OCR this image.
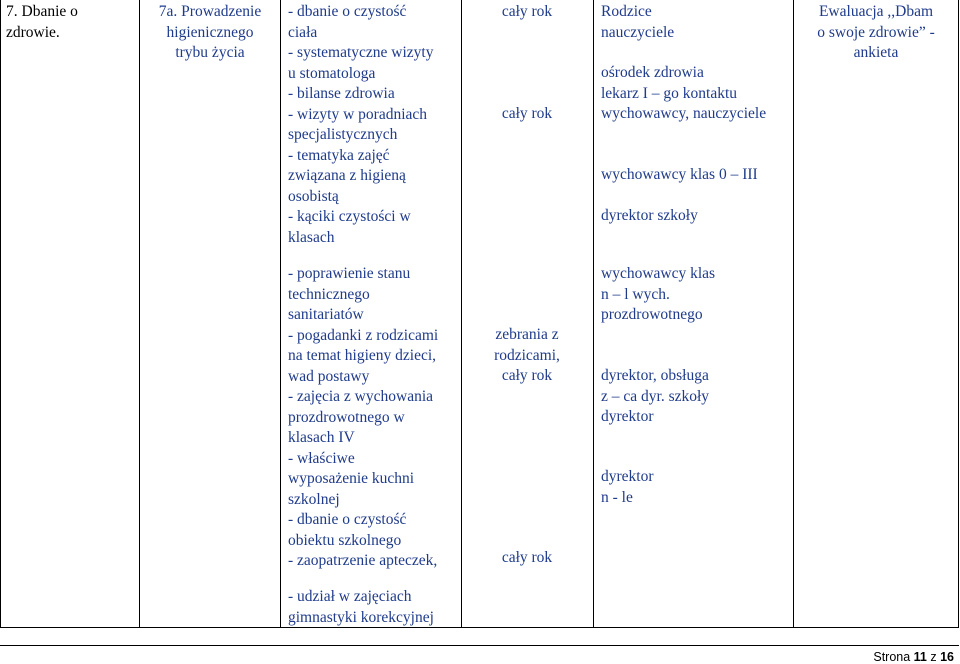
7. Dbanie o
zdrowie.
7a. Prowadzenie
higienicznego
trybu życia
- dbanie o czystość
ciała
- systematyczne wizyty
u stomatologa
- bilanse zdrowia
- wizyty w poradniach
specjalistycznych
- tematyka zajęć
związana z higieną
osobistą
- kąciki czystości w
klasach
cały rok
cały rok
Rodzice
nauczyciele
ośrodek zdrowia
lekarz I – go kontaktu
wychowawcy, nauczyciele
wychowawcy klas 0 – III
dyrektor szkoły
Ewaluacja ,,Dbam
o swoje zdrowie” -
ankieta
- poprawienie stanu
technicznego
sanitariatów
- pogadanki z rodzicami
na temat higieny dzieci,
wad postawy
- zajęcia z wychowania
prozdrowotnego w
klasach IV
- właściwe
wyposażenie kuchni
szkolnej
- dbanie o czystość
obiektu szkolnego
- zaopatrzenie apteczek,
zebrania z
rodzicami,
cały rok
cały rok
wychowawcy klas
n – l wych.
prozdrowotnego
dyrektor, obsługa
z – ca dyr. szkoły
dyrektor
dyrektor
n - le
- udział w zajęciach
gimnastyki korekcyjnej
Strona 11 z 16
